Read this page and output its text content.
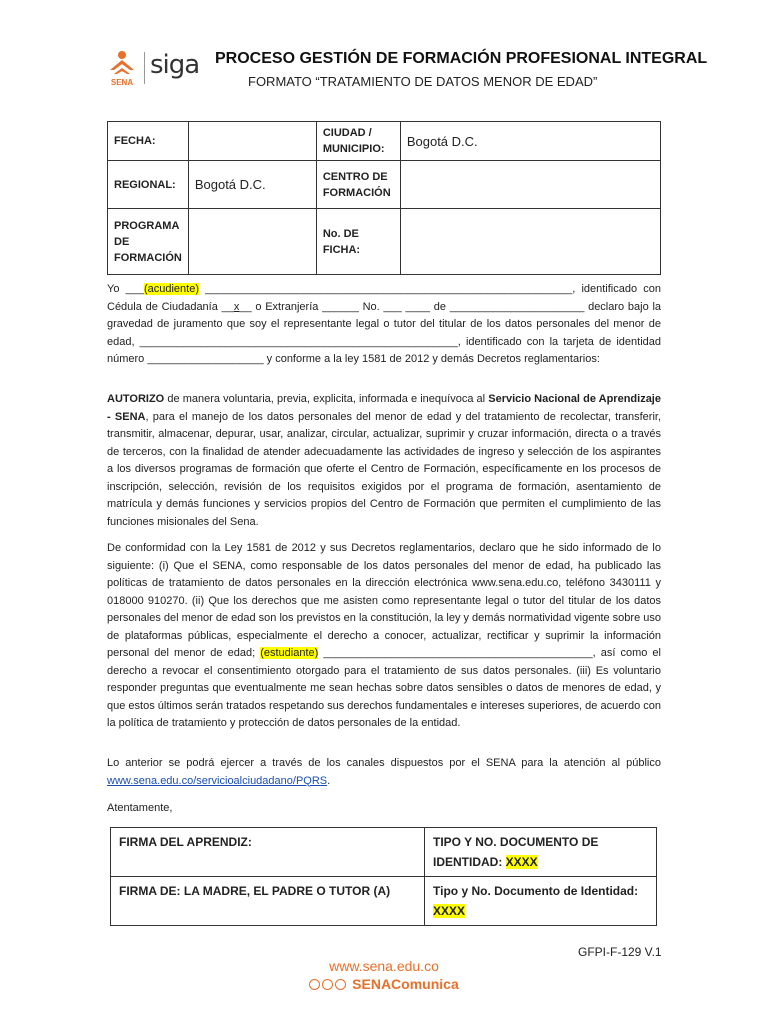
SENA
siga PROCESO GESTIÓN DE FORMACIÓN PROFESIONAL INTEGRAL
FORMATO “TRATAMIENTO DE DATOS MENOR DE EDAD”
FECHA:		CIUDAD / MUNICIPIO:	Bogotá D.C.
REGIONAL:	Bogotá D.C.	CENTRO DE FORMACIÓN	
PROGRAMA DE FORMACIÓN		No. DE FICHA:	

Yo ___(acudiente) ____________________________________________________________, identificado con Cédula de Ciudadanía __x__ o Extranjería ______ No. ___ ____ de ______________________ declaro bajo la gravedad de juramento que soy el representante legal o tutor del titular de los datos personales del menor de edad, ____________________________________________________, identificado con la tarjeta de identidad número ___________________ y conforme a la ley 1581 de 2012 y demás Decretos reglamentarios:

AUTORIZO de manera voluntaria, previa, explicita, informada e inequívoca al Servicio Nacional de Aprendizaje - SENA, para el manejo de los datos personales del menor de edad y del tratamiento de recolectar, transferir, transmitir, almacenar, depurar, usar, analizar, circular, actualizar, suprimir y cruzar información, directa o a través de terceros, con la finalidad de atender adecuadamente las actividades de ingreso y selección de los aspirantes a los diversos programas de formación que oferte el Centro de Formación, específicamente en los procesos de inscripción, selección, revisión de los requisitos exigidos por el programa de formación, asentamiento de matrícula y demás funciones y servicios propios del Centro de Formación que permiten el cumplimiento de las funciones misionales del Sena.

De conformidad con la Ley 1581 de 2012 y sus Decretos reglamentarios, declaro que he sido informado de lo siguiente: (i) Que el SENA, como responsable de los datos personales del menor de edad, ha publicado las políticas de tratamiento de datos personales en la dirección electrónica www.sena.edu.co, teléfono 3430111 y 018000 910270. (ii) Que los derechos que me asisten como representante legal o tutor del titular de los datos personales del menor de edad son los previstos en la constitución, la ley y demás normatividad vigente sobre uso de plataformas públicas, especialmente el derecho a conocer, actualizar, rectificar y suprimir la información personal del menor de edad; (estudiante) ____________________________________________, así como el derecho a revocar el consentimiento otorgado para el tratamiento de sus datos personales. (iii) Es voluntario responder preguntas que eventualmente me sean hechas sobre datos sensibles o datos de menores de edad, y que estos últimos serán tratados respetando sus derechos fundamentales e intereses superiores, de acuerdo con la política de tratamiento y protección de datos personales de la entidad.

Lo anterior se podrá ejercer a través de los canales dispuestos por el SENA para la atención al público www.sena.edu.co/servicioalciudadano/PQRS.

Atentamente,

FIRMA DEL APRENDIZ:	TIPO Y NO. DOCUMENTO DE IDENTIDAD: XXXX
FIRMA DE: LA MADRE, EL PADRE O TUTOR (A)	Tipo y No. Documento de Identidad:
XXXX
GFPI-F-129 V.1
www.sena.edu.co
SENAComunica
